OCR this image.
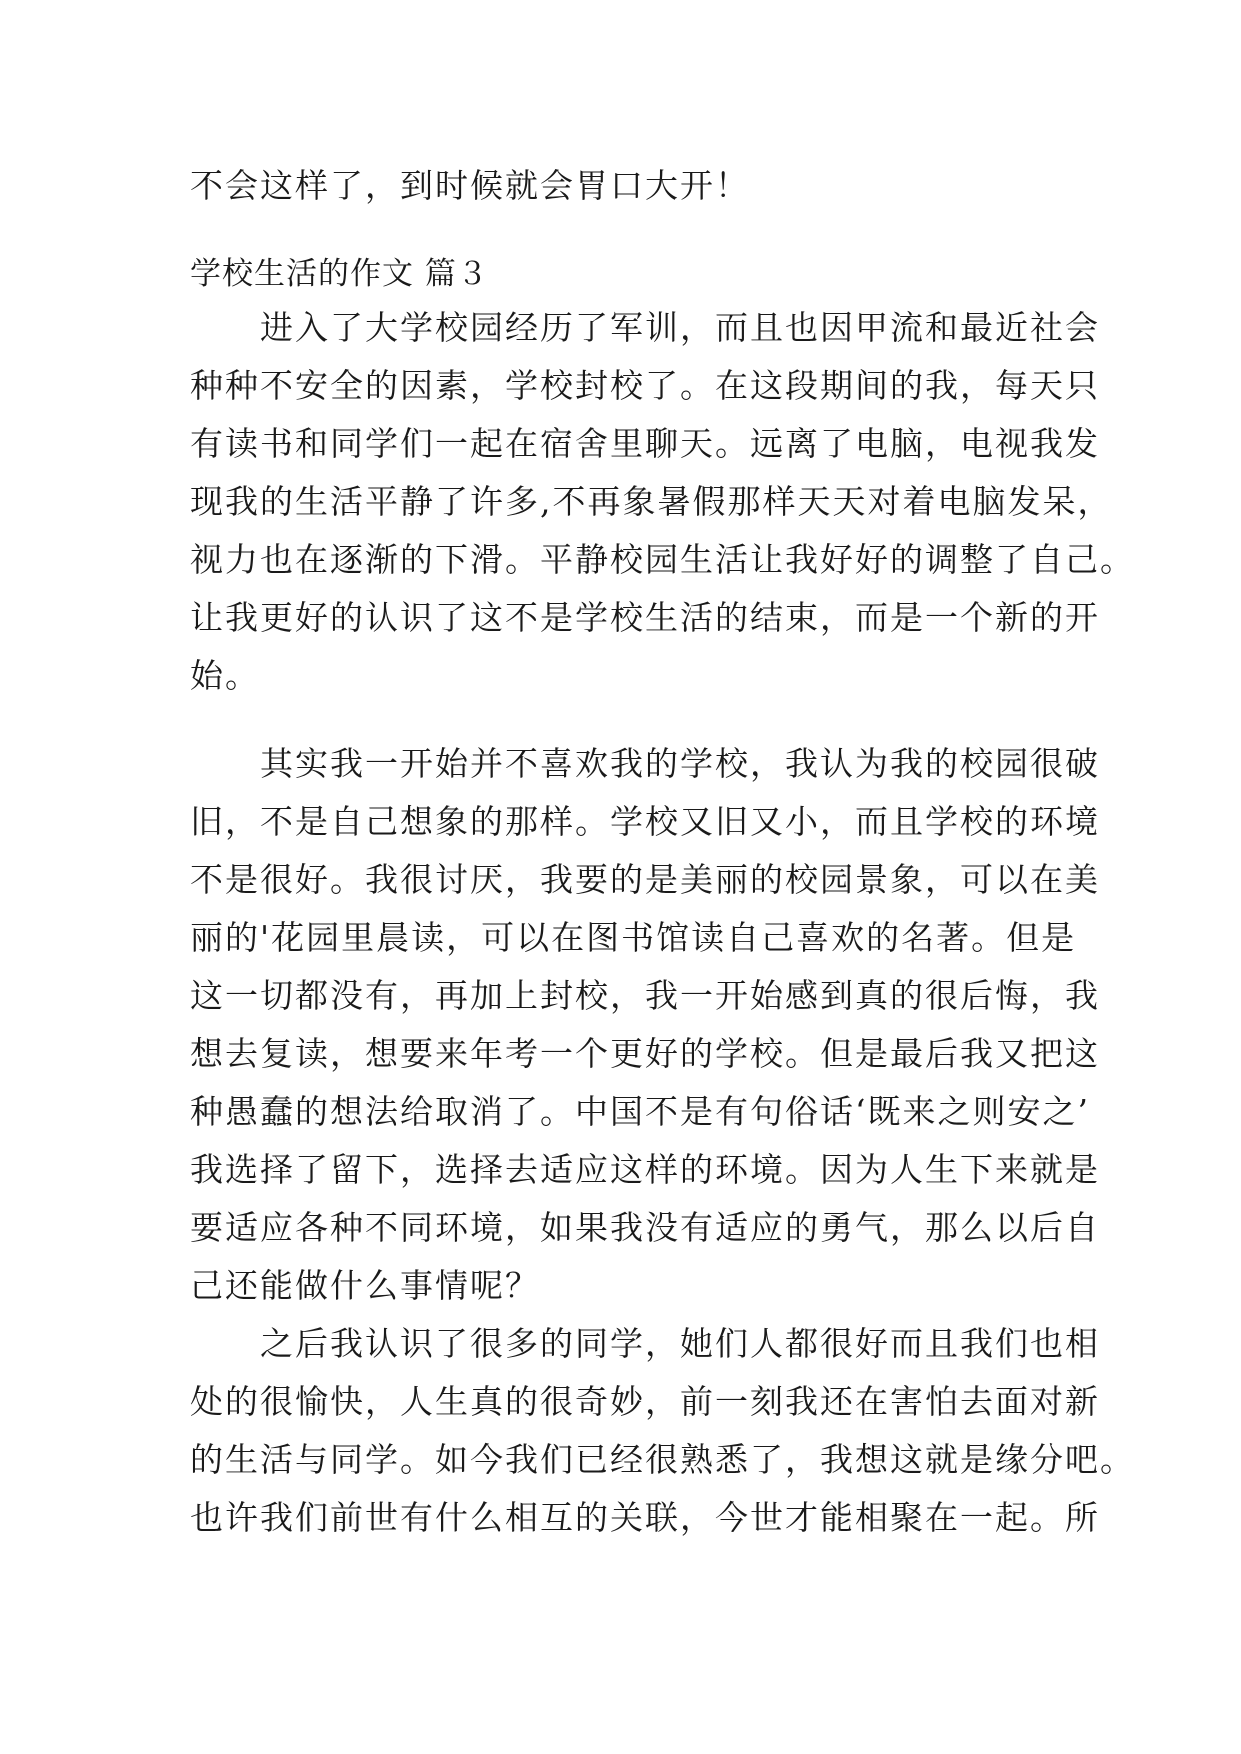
不会这样了，到时候就会胃口大开！
学校生活的作文 篇３
　　进入了大学校园经历了军训，而且也因甲流和最近社会
种种不安全的因素，学校封校了。在这段期间的我，每天只
有读书和同学们一起在宿舍里聊天。远离了电脑，电视我发
现我的生活平静了许多,不再象暑假那样天天对着电脑发呆，
视力也在逐渐的下滑。平静校园生活让我好好的调整了自己。
让我更好的认识了这不是学校生活的结束，而是一个新的开
始。
　　其实我一开始并不喜欢我的学校，我认为我的校园很破
旧，不是自己想象的那样。学校又旧又小，而且学校的环境
不是很好。我很讨厌，我要的是美丽的校园景象，可以在美
丽的'花园里晨读，可以在图书馆读自己喜欢的名著。但是
这一切都没有，再加上封校，我一开始感到真的很后悔，我
想去复读，想要来年考一个更好的学校。但是最后我又把这
种愚蠢的想法给取消了。中国不是有句俗话‘既来之则安之’
我选择了留下，选择去适应这样的环境。因为人生下来就是
要适应各种不同环境，如果我没有适应的勇气，那么以后自
己还能做什么事情呢？
　　之后我认识了很多的同学，她们人都很好而且我们也相
处的很愉快，人生真的很奇妙，前一刻我还在害怕去面对新
的生活与同学。如今我们已经很熟悉了，我想这就是缘分吧。
也许我们前世有什么相互的关联，今世才能相聚在一起。所
